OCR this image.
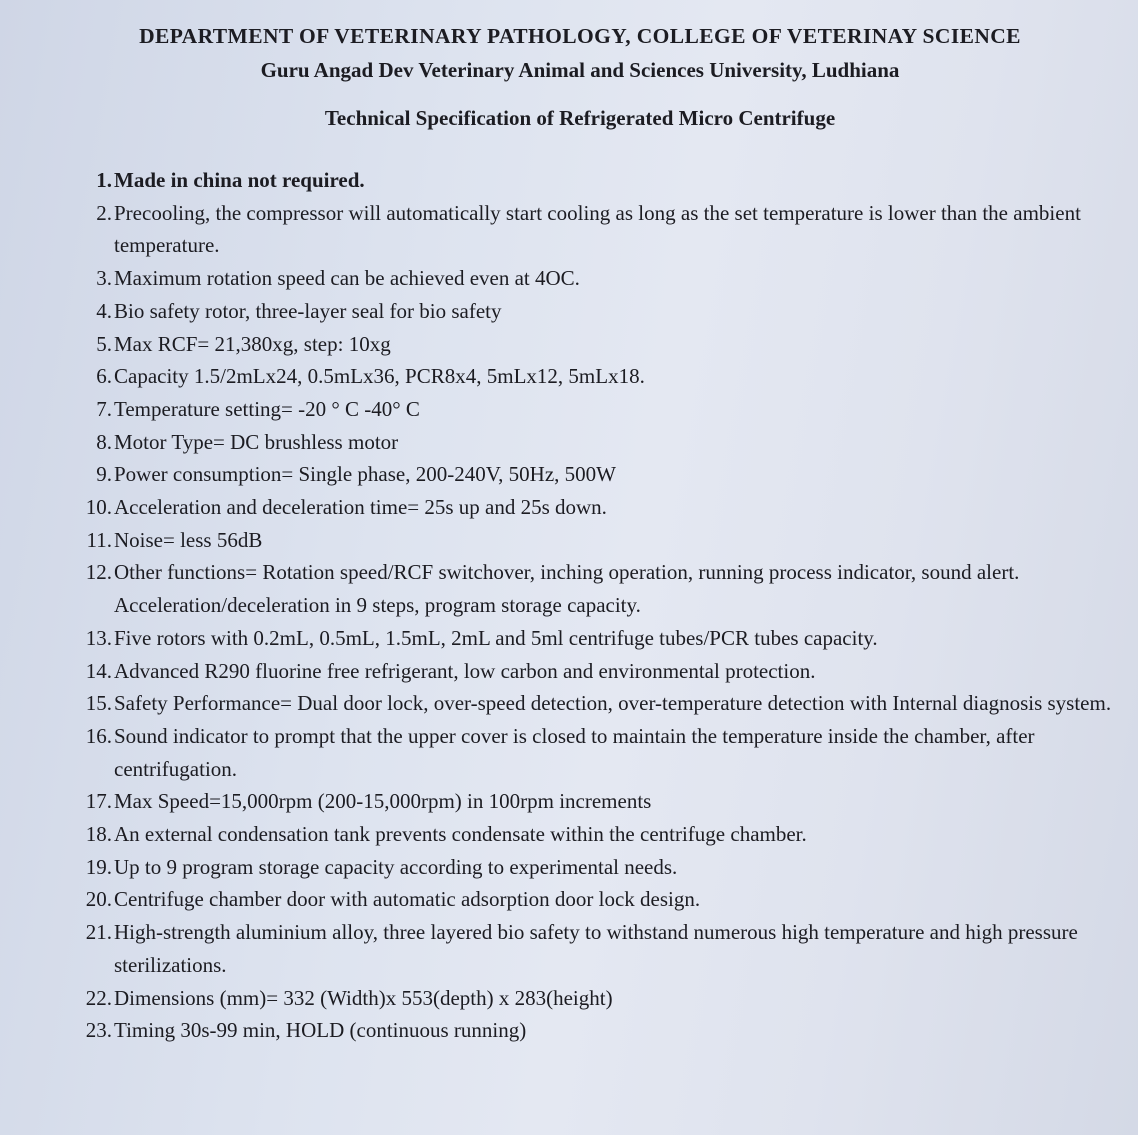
DEPARTMENT OF VETERINARY PATHOLOGY, COLLEGE OF VETERINAY SCIENCE
Guru Angad Dev Veterinary Animal and Sciences University, Ludhiana
Technical Specification of Refrigerated Micro Centrifuge
1. Made in china not required.
2. Precooling, the compressor will automatically start cooling as long as the set temperature is lower than the ambient temperature.
3. Maximum rotation speed can be achieved even at 4OC.
4. Bio safety rotor, three-layer seal for bio safety
5. Max RCF= 21,380xg, step: 10xg
6. Capacity 1.5/2mLx24, 0.5mLx36, PCR8x4, 5mLx12, 5mLx18.
7. Temperature setting= -20 ° C -40° C
8. Motor Type= DC brushless motor
9. Power consumption= Single phase, 200-240V, 50Hz, 500W
10. Acceleration and deceleration time= 25s up and 25s down.
11. Noise= less 56dB
12. Other functions= Rotation speed/RCF switchover, inching operation, running process indicator, sound alert. Acceleration/deceleration in 9 steps, program storage capacity.
13. Five rotors with 0.2mL, 0.5mL, 1.5mL, 2mL and 5ml centrifuge tubes/PCR tubes capacity.
14. Advanced R290 fluorine free refrigerant, low carbon and environmental protection.
15. Safety Performance= Dual door lock, over-speed detection, over-temperature detection with Internal diagnosis system.
16. Sound indicator to prompt that the upper cover is closed to maintain the temperature inside the chamber, after centrifugation.
17. Max Speed=15,000rpm (200-15,000rpm) in 100rpm increments
18. An external condensation tank prevents condensate within the centrifuge chamber.
19. Up to 9 program storage capacity according to experimental needs.
20. Centrifuge chamber door with automatic adsorption door lock design.
21. High-strength aluminium alloy, three layered bio safety to withstand numerous high temperature and high pressure sterilizations.
22. Dimensions (mm)= 332 (Width)x 553(depth) x 283(height)
23. Timing 30s-99 min, HOLD (continuous running)
